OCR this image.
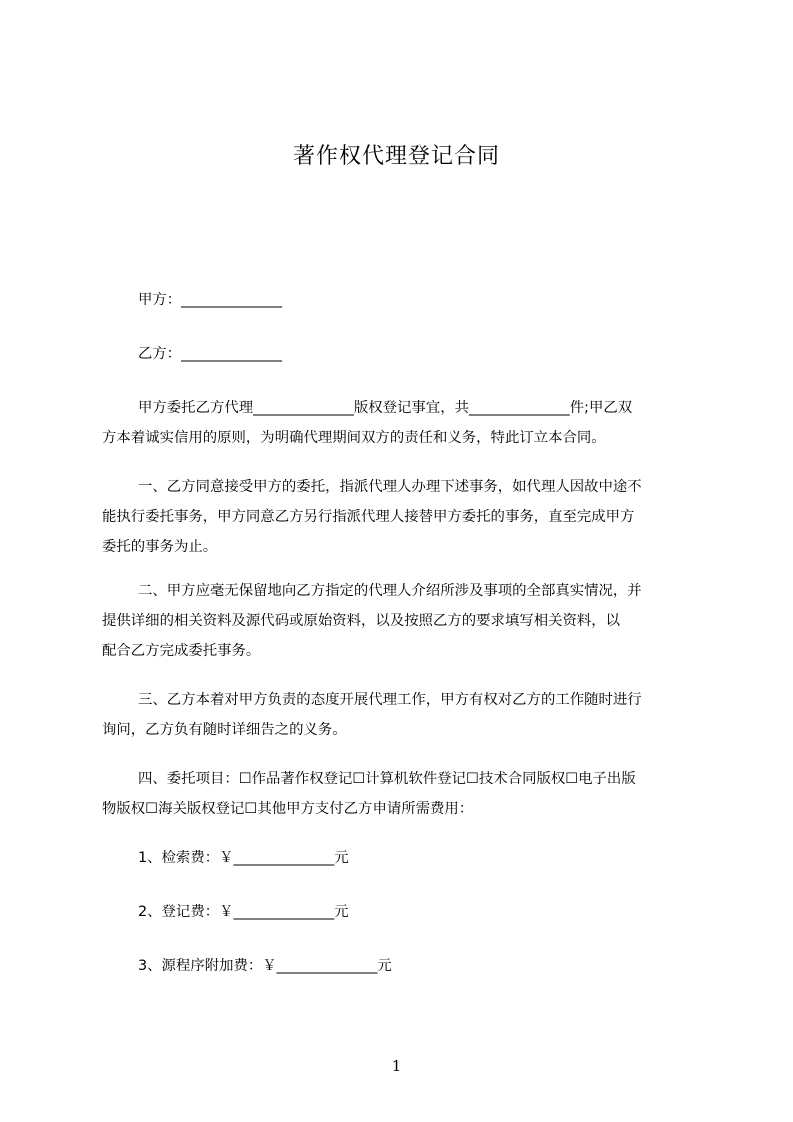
著作权代理登记合同
甲方：______________
乙方：______________
甲方委托乙方代理______________版权登记事宜，共______________件;甲乙双
方本着诚实信用的原则，为明确代理期间双方的责任和义务，特此订立本合同。
一、乙方同意接受甲方的委托，指派代理人办理下述事务，如代理人因故中途不
能执行委托事务，甲方同意乙方另行指派代理人接替甲方委托的事务，直至完成甲方
委托的事务为止。
二、甲方应毫无保留地向乙方指定的代理人介绍所涉及事项的全部真实情况，并
提供详细的相关资料及源代码或原始资料，以及按照乙方的要求填写相关资料，以
配合乙方完成委托事务。
三、乙方本着对甲方负责的态度开展代理工作，甲方有权对乙方的工作随时进行
询问，乙方负有随时详细告之的义务。
四、委托项目：☐作品著作权登记☐计算机软件登记☐技术合同版权☐电子出版
物版权☐海关版权登记☐其他甲方支付乙方申请所需费用：
1、检索费：￥______________元
2、登记费：￥______________元
3、源程序附加费：￥______________元
1
